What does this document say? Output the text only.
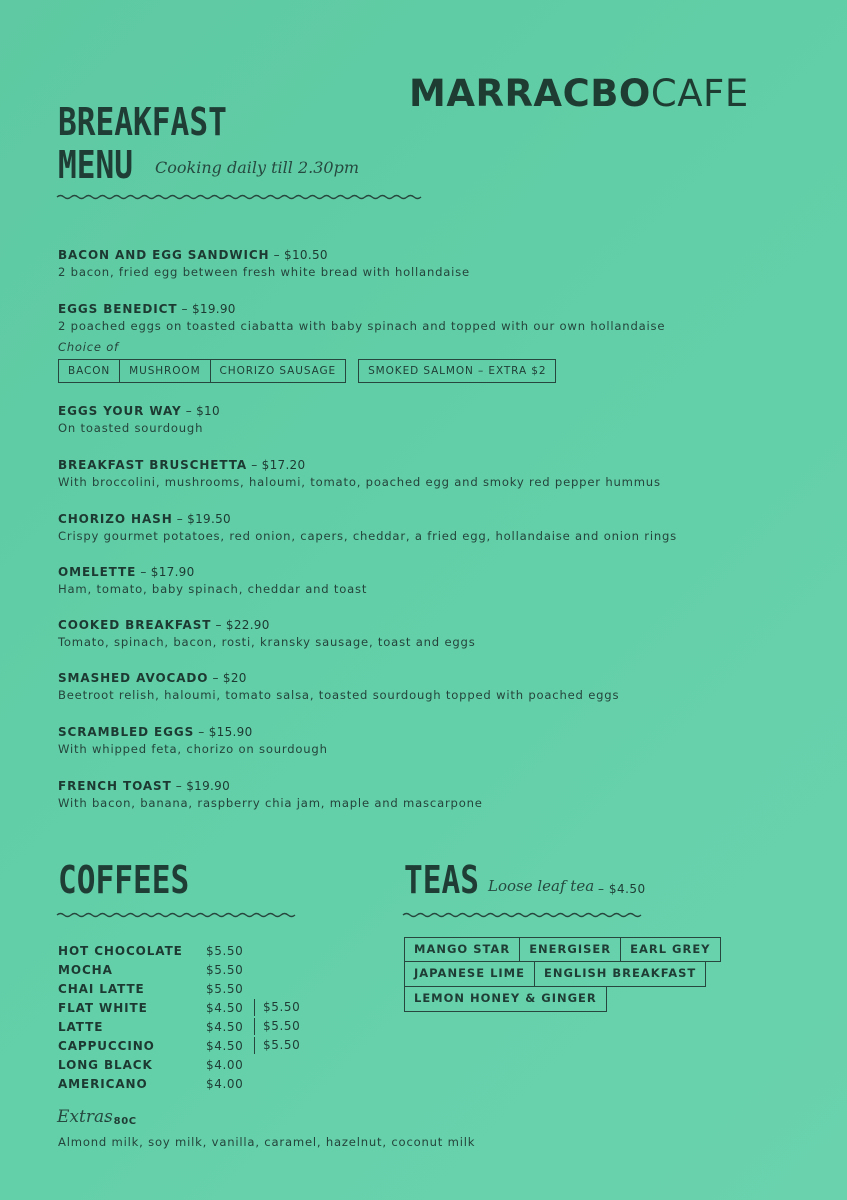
MARRACBOCAFE
BREAKFAST
MENU Cooking daily till 2.30pm
BACON AND EGG SANDWICH – $10.50
2 bacon, fried egg between fresh white bread with hollandaise
EGGS BENEDICT – $19.90
2 poached eggs on toasted ciabatta with baby spinach and topped with our own hollandaise
EGGS YOUR WAY – $10
On toasted sourdough
BREAKFAST BRUSCHETTA – $17.20
With broccolini, mushrooms, haloumi, tomato, poached egg and smoky red pepper hummus
CHORIZO HASH – $19.50
Crispy gourmet potatoes, red onion, capers, cheddar, a fried egg, hollandaise and onion rings
OMELETTE – $17.90
Ham, tomato, baby spinach, cheddar and toast
COOKED BREAKFAST – $22.90
Tomato, spinach, bacon, rosti, kransky sausage, toast and eggs
SMASHED AVOCADO – $20
Beetroot relish, haloumi, tomato salsa, toasted sourdough topped with poached eggs
SCRAMBLED EGGS – $15.90
With whipped feta, chorizo on sourdough
FRENCH TOAST – $19.90
With bacon, banana, raspberry chia jam, maple and mascarpone
Choice of
BACON	MUSHROOM	CHORIZO SAUSAGE	SMOKED SALMON – EXTRA $2
COFFEES
HOT CHOCOLATE	$5.50
MOCHA	$5.50
CHAI LATTE	$5.50
FLAT WHITE	$4.50	$5.50
LATTE	$4.50	$5.50
CAPPUCCINO	$4.50	$5.50
LONG BLACK	$4.00
AMERICANO	$4.00
Extras
– 80C
Almond milk, soy milk, vanilla, caramel, hazelnut, coconut milk
TEAS Loose leaf tea – $4.50
MANGO STAR	ENERGISER	EARL GREY
JAPANESE LIME	ENGLISH BREAKFAST
LEMON HONEY & GINGER
